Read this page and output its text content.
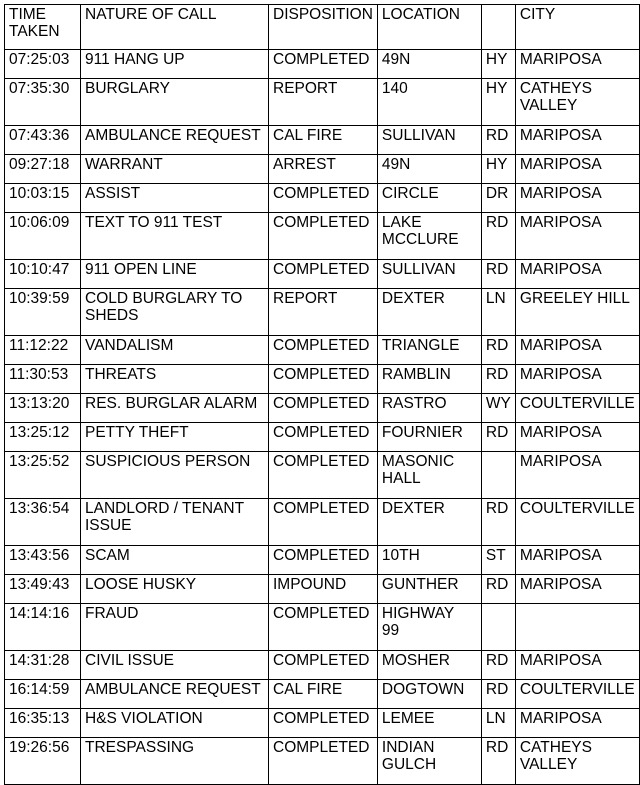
TIME
TAKEN	NATURE OF CALL	DISPOSITION	LOCATION		CITY
07:25:03	911 HANG UP	COMPLETED	49N	HY	MARIPOSA
07:35:30	BURGLARY	REPORT	140	HY	CATHEYS
VALLEY
07:43:36	AMBULANCE REQUEST	CAL FIRE	SULLIVAN	RD	MARIPOSA
09:27:18	WARRANT	ARREST	49N	HY	MARIPOSA
10:03:15	ASSIST	COMPLETED	CIRCLE	DR	MARIPOSA
10:06:09	TEXT TO 911 TEST	COMPLETED	LAKE
MCCLURE	RD	MARIPOSA
10:10:47	911 OPEN LINE	COMPLETED	SULLIVAN	RD	MARIPOSA
10:39:59	COLD BURGLARY TO
SHEDS	REPORT	DEXTER	LN	GREELEY HILL
11:12:22	VANDALISM	COMPLETED	TRIANGLE	RD	MARIPOSA
11:30:53	THREATS	COMPLETED	RAMBLIN	RD	MARIPOSA
13:13:20	RES. BURGLAR ALARM	COMPLETED	RASTRO	WY	COULTERVILLE
13:25:12	PETTY THEFT	COMPLETED	FOURNIER	RD	MARIPOSA
13:25:52	SUSPICIOUS PERSON	COMPLETED	MASONIC
HALL		MARIPOSA
13:36:54	LANDLORD / TENANT
ISSUE	COMPLETED	DEXTER	RD	COULTERVILLE
13:43:56	SCAM	COMPLETED	10TH	ST	MARIPOSA
13:49:43	LOOSE HUSKY	IMPOUND	GUNTHER	RD	MARIPOSA
14:14:16	FRAUD	COMPLETED	HIGHWAY
99		
14:31:28	CIVIL ISSUE	COMPLETED	MOSHER	RD	MARIPOSA
16:14:59	AMBULANCE REQUEST	CAL FIRE	DOGTOWN	RD	COULTERVILLE
16:35:13	H&S VIOLATION	COMPLETED	LEMEE	LN	MARIPOSA
19:26:56	TRESPASSING	COMPLETED	INDIAN
GULCH	RD	CATHEYS
VALLEY
